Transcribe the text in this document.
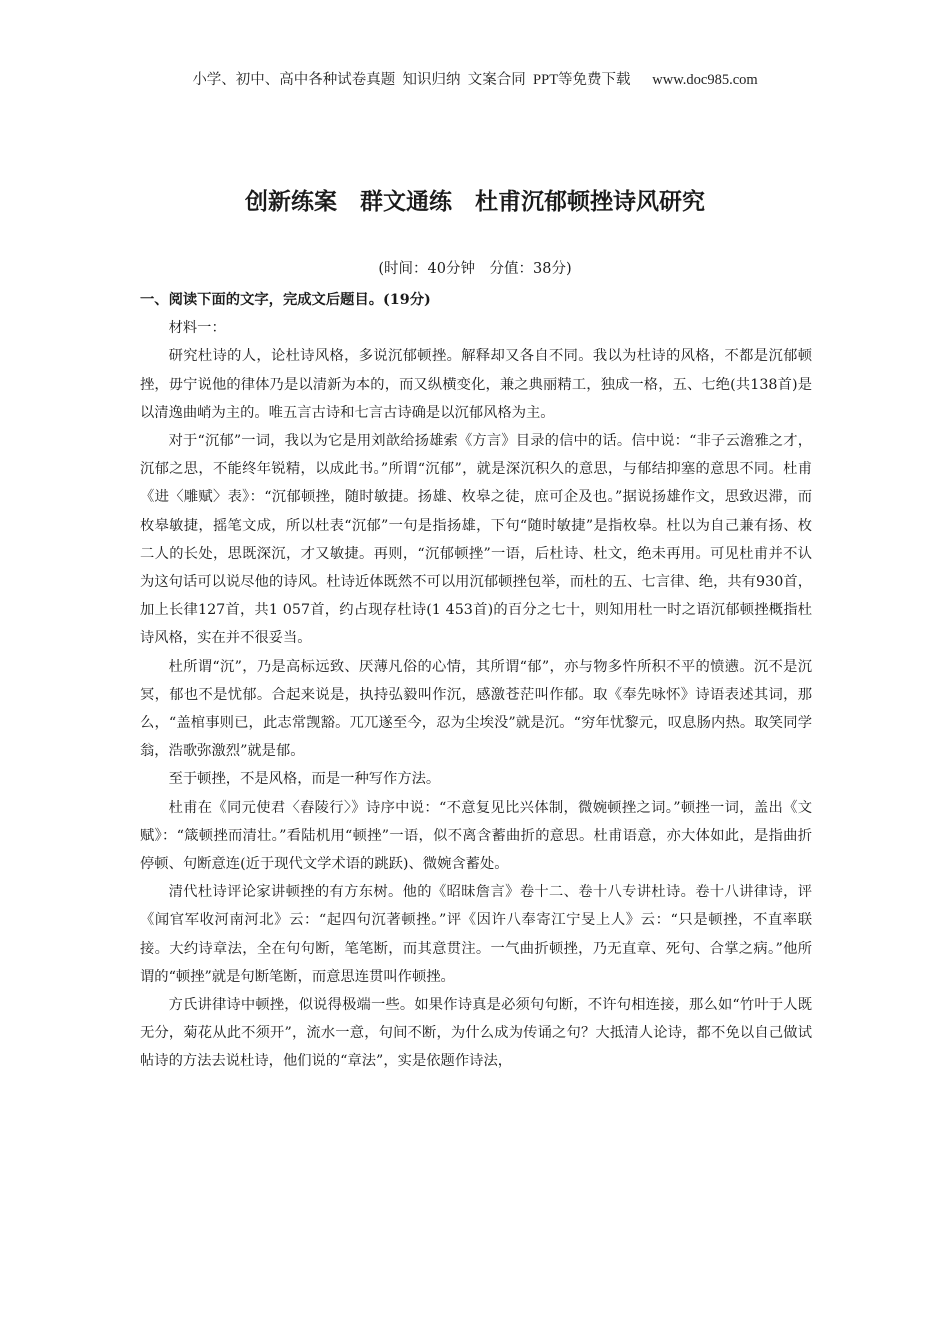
小学、初中、高中各种试卷真题  知识归纳  文案合同  PPT等免费下载      www.doc985.com
创新练案　群文通练　杜甫沉郁顿挫诗风研究
(时间：40分钟　分值：38分)

一、阅读下面的文字，完成文后题目。(19分)

材料一：

研究杜诗的人，论杜诗风格，多说沉郁顿挫。解释却又各自不同。我以为杜诗的风格，不都是沉郁顿挫，毋宁说他的律体乃是以清新为本的，而又纵横变化，兼之典丽精工，独成一格，五、七绝(共138首)是以清逸曲峭为主的。唯五言古诗和七言古诗确是以沉郁风格为主。

对于“沉郁”一词，我以为它是用刘歆给扬雄索《方言》目录的信中的话。信中说：“非子云澹雅之才，沉郁之思，不能终年锐精，以成此书。”所谓“沉郁”，就是深沉积久的意思，与郁结抑塞的意思不同。杜甫《进〈雕赋〉表》：“沉郁顿挫，随时敏捷。扬雄、枚皋之徒，庶可企及也。”据说扬雄作文，思致迟滞，而枚皋敏捷，摇笔文成，所以杜表“沉郁”一句是指扬雄，下句“随时敏捷”是指枚皋。杜以为自己兼有扬、枚二人的长处，思既深沉，才又敏捷。再则，“沉郁顿挫”一语，后杜诗、杜文，绝未再用。可见杜甫并不认为这句话可以说尽他的诗风。杜诗近体既然不可以用沉郁顿挫包举，而杜的五、七言律、绝，共有930首，加上长律127首，共1 057首，约占现存杜诗(1 453首)的百分之七十，则知用杜一时之语沉郁顿挫概指杜诗风格，实在并不很妥当。

杜所谓“沉”，乃是高标远致、厌薄凡俗的心情，其所谓“郁”，亦与物多忤所积不平的愤懑。沉不是沉冥，郁也不是忧郁。合起来说是，执持弘毅叫作沉，感激苍茫叫作郁。取《奉先咏怀》诗语表述其词，那么，“盖棺事则已，此志常觊豁。兀兀遂至今，忍为尘埃没”就是沉。“穷年忧黎元，叹息肠内热。取笑同学翁，浩歌弥激烈”就是郁。

至于顿挫，不是风格，而是一种写作方法。

杜甫在《同元使君〈舂陵行〉》诗序中说：“不意复见比兴体制，微婉顿挫之词。”顿挫一词，盖出《文赋》：“箴顿挫而清壮。”看陆机用“顿挫”一语，似不离含蓄曲折的意思。杜甫语意，亦大体如此，是指曲折停顿、句断意连(近于现代文学术语的跳跃)、微婉含蓄处。

清代杜诗评论家讲顿挫的有方东树。他的《昭昧詹言》卷十二、卷十八专讲杜诗。卷十八讲律诗，评《闻官军收河南河北》云：“起四句沉著顿挫。”评《因许八奉寄江宁旻上人》云：“只是顿挫，不直率联接。大约诗章法，全在句句断，笔笔断，而其意贯注。一气曲折顿挫，乃无直章、死句、合掌之病。”他所谓的“顿挫”就是句断笔断，而意思连贯叫作顿挫。

方氏讲律诗中顿挫，似说得极端一些。如果作诗真是必须句句断，不许句相连接，那么如“竹叶于人既无分，菊花从此不须开”，流水一意，句间不断，为什么成为传诵之句？大抵清人论诗，都不免以自己做试帖诗的方法去说杜诗，他们说的“章法”，实是依题作诗法，
